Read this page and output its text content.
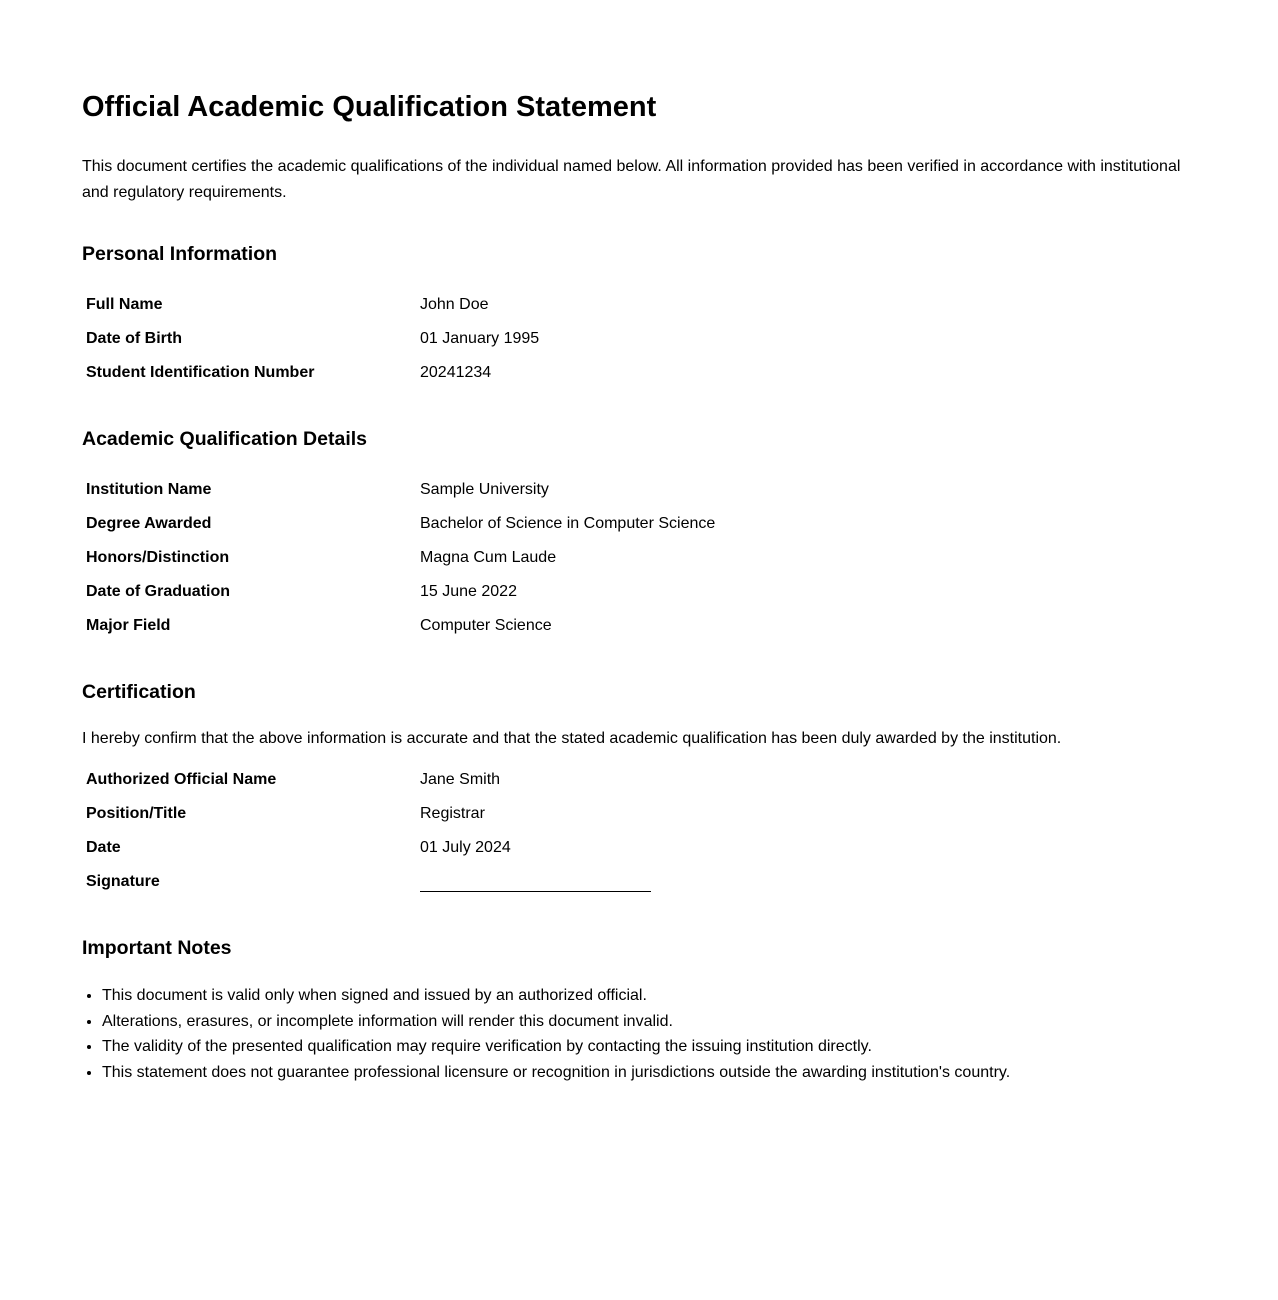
Official Academic Qualification Statement

This document certifies the academic qualifications of the individual named below. All information provided has been verified in accordance with institutional and regulatory requirements.

Personal Information
Full Name	John Doe
Date of Birth	01 January 1995
Student Identification Number	20241234
Academic Qualification Details
Institution Name	Sample University
Degree Awarded	Bachelor of Science in Computer Science
Honors/Distinction	Magna Cum Laude
Date of Graduation	15 June 2022
Major Field	Computer Science
Certification

I hereby confirm that the above information is accurate and that the stated academic qualification has been duly awarded by the institution.

Authorized Official Name	Jane Smith
Position/Title	Registrar
Date	01 July 2024
Signature	
Important Notes
• This document is valid only when signed and issued by an authorized official.
• Alterations, erasures, or incomplete information will render this document invalid.
• The validity of the presented qualification may require verification by contacting the issuing institution directly.
• This statement does not guarantee professional licensure or recognition in jurisdictions outside the awarding institution's country.
